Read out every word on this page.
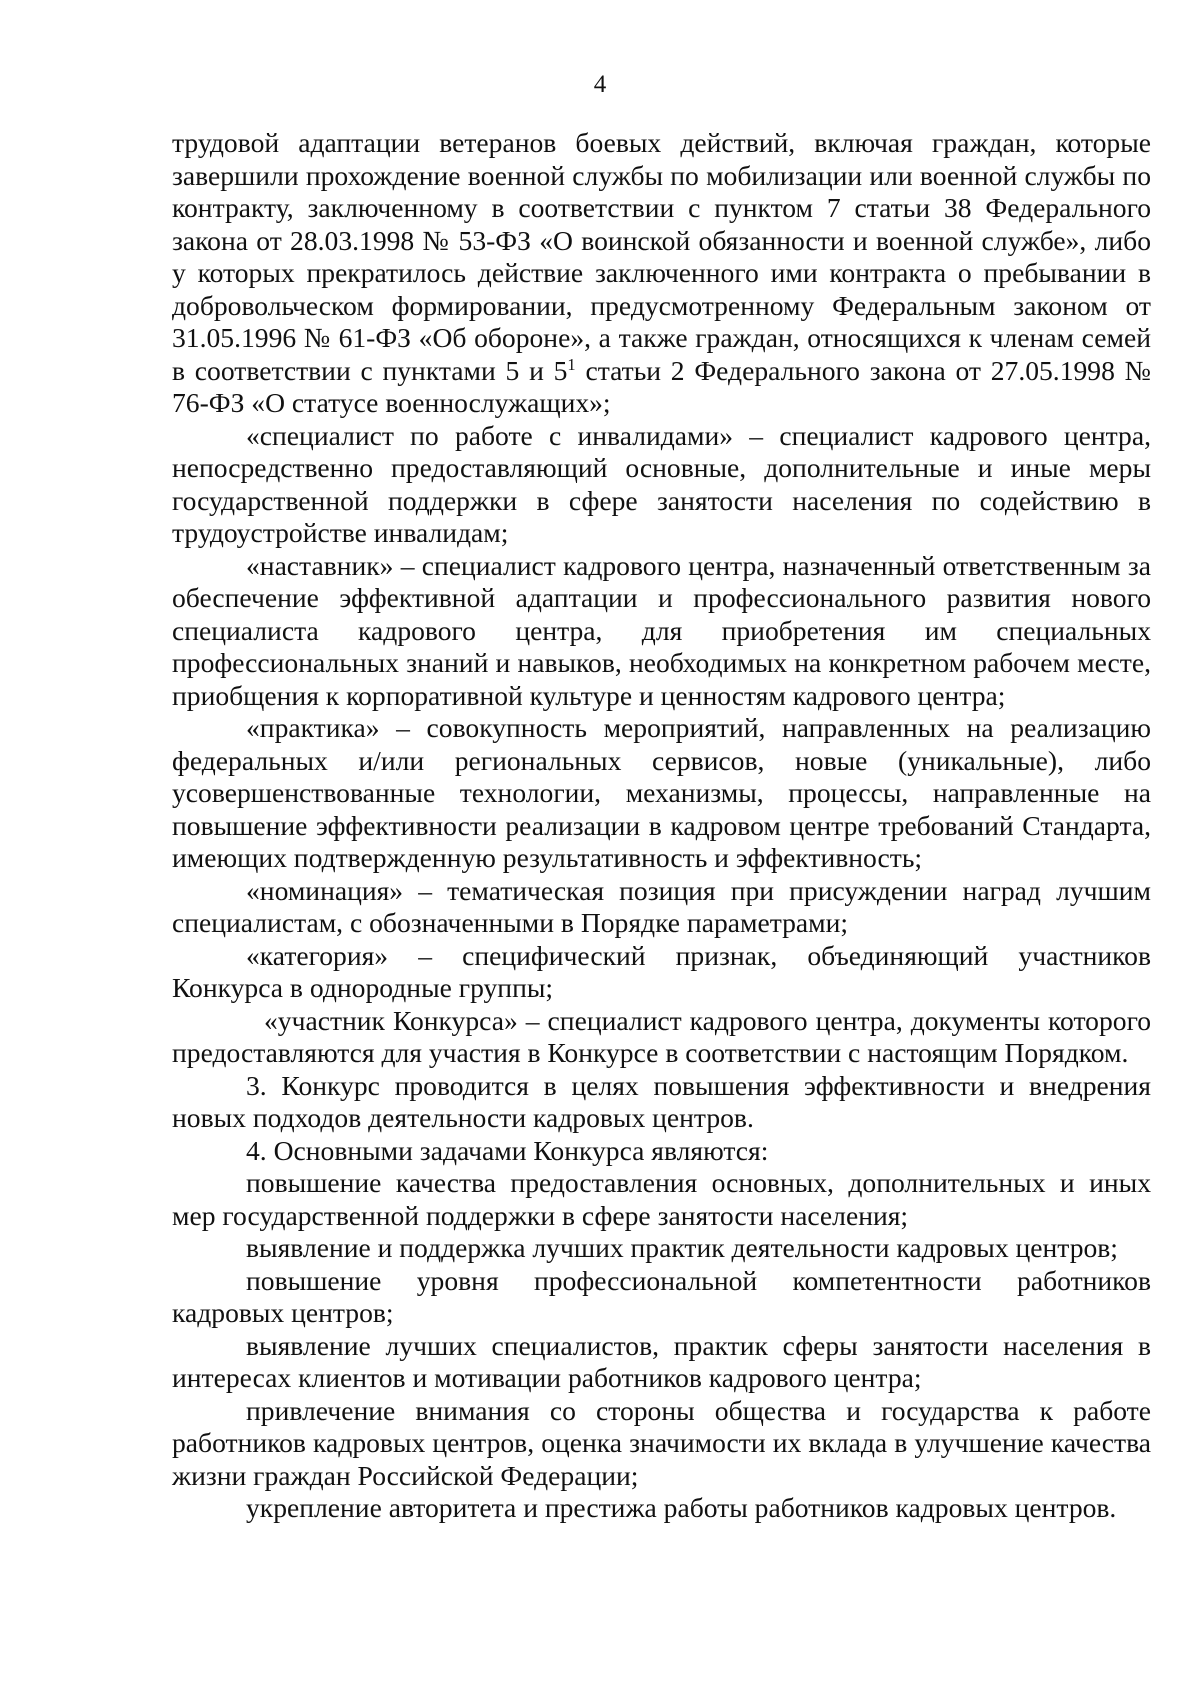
4

трудовой адаптации ветеранов боевых действий, включая граждан, которые завершили прохождение военной службы по мобилизации или военной службы по контракту, заключенному в соответствии с пунктом 7 статьи 38 Федерального закона от 28.03.1998 № 53-ФЗ «О воинской обязанности и военной службе», либо у которых прекратилось действие заключенного ими контракта о пребывании в добровольческом формировании, предусмотренному Федеральным законом от 31.05.1996 № 61-ФЗ «Об обороне», а также граждан, относящихся к членам семей в соответствии с пунктами 5 и $5^1$ статьи 2 Федерального закона от 27.05.1998 № 76-ФЗ «О статусе военнослужащих»;

«специалист по работе с инвалидами» – специалист кадрового центра, непосредственно предоставляющий основные, дополнительные и иные меры государственной поддержки в сфере занятости населения по содействию в трудоустройстве инвалидам;

«наставник» – специалист кадрового центра, назначенный ответственным за обеспечение эффективной адаптации и профессионального развития нового специалиста кадрового центра, для приобретения им специальных профессиональных знаний и навыков, необходимых на конкретном рабочем месте, приобщения к корпоративной культуре и ценностям кадрового центра;

«практика» – совокупность мероприятий, направленных на реализацию федеральных и/или региональных сервисов, новые (уникальные), либо усовершенствованные технологии, механизмы, процессы, направленные на повышение эффективности реализации в кадровом центре требований Стандарта, имеющих подтвержденную результативность и эффективность;

«номинация» – тематическая позиция при присуждении наград лучшим специалистам, с обозначенными в Порядке параметрами;

«категория» – специфический признак, объединяющий участников Конкурса в однородные группы;

«участник Конкурса» – специалист кадрового центра, документы которого предоставляются для участия в Конкурсе в соответствии с настоящим Порядком.

3. Конкурс проводится в целях повышения эффективности и внедрения новых подходов деятельности кадровых центров.

4. Основными задачами Конкурса являются:

повышение качества предоставления основных, дополнительных и иных мер государственной поддержки в сфере занятости населения;

выявление и поддержка лучших практик деятельности кадровых центров;

повышение уровня профессиональной компетентности работников кадровых центров;

выявление лучших специалистов, практик сферы занятости населения в интересах клиентов и мотивации работников кадрового центра;

привлечение внимания со стороны общества и государства к работе работников кадровых центров, оценка значимости их вклада в улучшение качества жизни граждан Российской Федерации;

укрепление авторитета и престижа работы работников кадровых центров.
